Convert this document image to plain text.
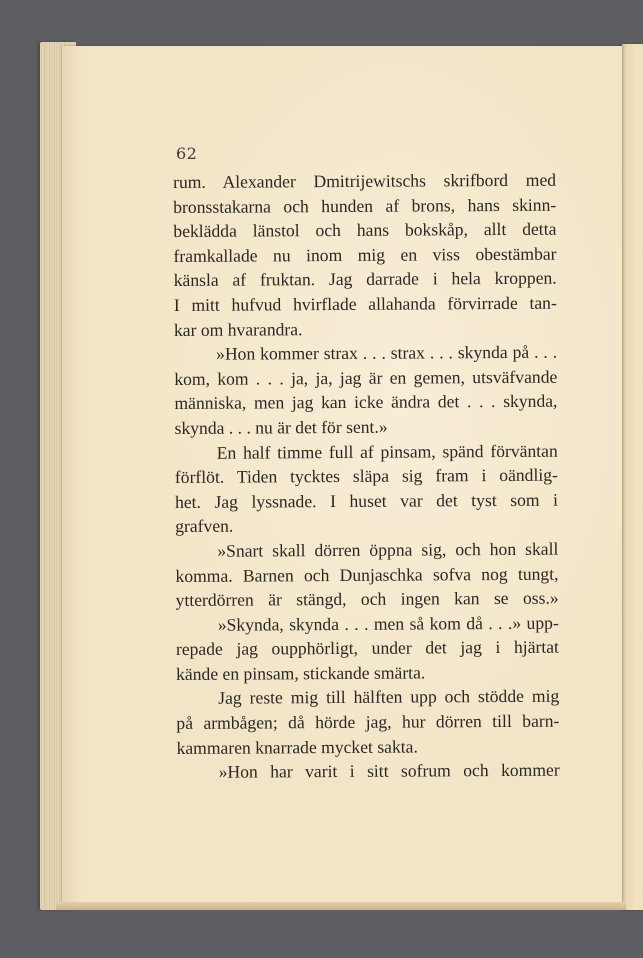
62
rum. Alexander Dmitrijewitschs skrifbord med
bronsstakarna och hunden af brons, hans skinn-
beklädda länstol och hans bokskåp, allt detta
framkallade nu inom mig en viss obestämbar
känsla af fruktan. Jag darrade i hela kroppen.
I mitt hufvud hvirflade allahanda förvirrade tan-
kar om hvarandra.
»Hon kommer strax . . . strax . . . skynda på . . .
kom, kom . . . ja, ja, jag är en gemen, utsväfvande
människa, men jag kan icke ändra det . . . skynda,
skynda . . . nu är det för sent.»
En half timme full af pinsam, spänd förväntan
förflöt. Tiden tycktes släpa sig fram i oändlig-
het. Jag lyssnade. I huset var det tyst som i
grafven.
»Snart skall dörren öppna sig, och hon skall
komma. Barnen och Dunjaschka sofva nog tungt,
ytterdörren är stängd, och ingen kan se oss.»
»Skynda, skynda . . . men så kom då . . .» upp-
repade jag oupphörligt, under det jag i hjärtat
kände en pinsam, stickande smärta.
Jag reste mig till hälften upp och stödde mig
på armbågen; då hörde jag, hur dörren till barn-
kammaren knarrade mycket sakta.
»Hon har varit i sitt sofrum och kommer
